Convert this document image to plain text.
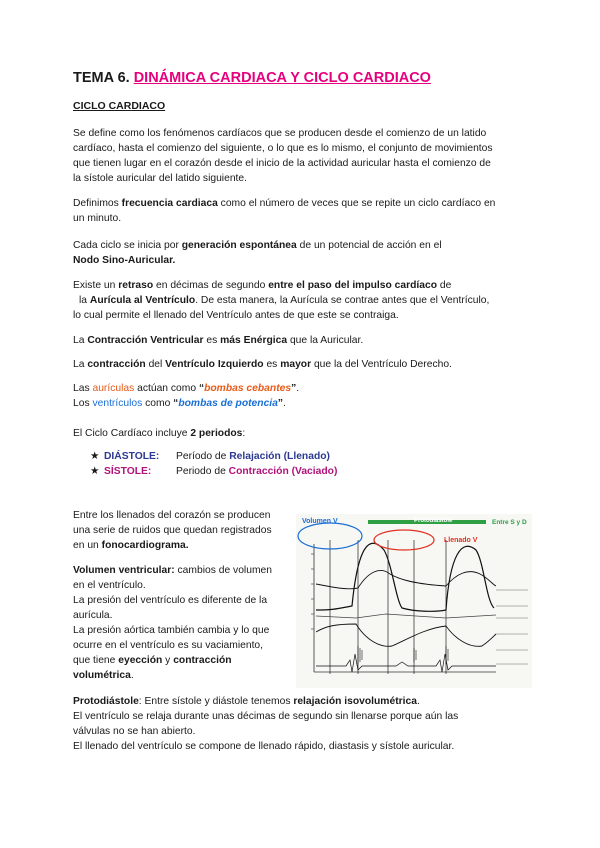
TEMA 6. DINÁMICA CARDIACA Y CICLO CARDIACO
CICLO CARDIACO
Se define como los fenómenos cardíacos que se producen desde el comienzo de un latido
cardíaco, hasta el comienzo del siguiente, o lo que es lo mismo, el conjunto de movimientos
que tienen lugar en el corazón desde el inicio de la actividad auricular hasta el comienzo de
la sístole auricular del latido siguiente.
Definimos frecuencia cardiaca como el número de veces que se repite un ciclo cardíaco en
un minuto.
Cada ciclo se inicia por generación espontánea de un potencial de acción en el
Nodo Sino-Auricular.
Existe un retraso en décimas de segundo entre el paso del impulso cardíaco de
la Aurícula al Ventrículo. De esta manera, la Aurícula se contrae antes que el Ventrículo,
lo cual permite el llenado del Ventrículo antes de que este se contraiga.
La Contracción Ventricular es más Enérgica que la Auricular.
La contracción del Ventrículo Izquierdo es mayor que la del Ventrículo Derecho.
Las aurículas actúan como “bombas cebantes”.
Los ventrículos como “bombas de potencia”.
El Ciclo Cardíaco incluye 2 periodos:
★ DIÁSTOLE: Período de Relajación (Llenado)
★ SÍSTOLE: Periodo de Contracción (Vaciado)
Entre los llenados del corazón se producen
una serie de ruidos que quedan registrados
en un fonocardiograma.
Volumen ventricular: cambios de volumen
en el ventrículo.
La presión del ventrículo es diferente de la
aurícula.
La presión aórtica también cambia y lo que
ocurre en el ventrículo es su vaciamiento,
que tiene eyección y contracción
volumétrica.
Volumen V	Protodiástole	Entre S y D
Llenado V
Protodiástole: Entre sístole y diástole tenemos relajación isovolumétrica.
El ventrículo se relaja durante unas décimas de segundo sin llenarse porque aún las
válvulas no se han abierto.
El llenado del ventrículo se compone de llenado rápido, diastasis y sístole auricular.
